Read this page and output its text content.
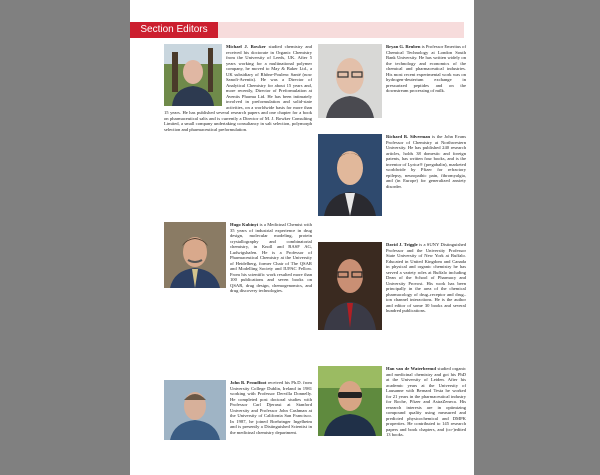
Section Editors
Michael J. Bowker studied chemistry and received his doctorate in Organic Chemistry from the University of Leeds, UK. After 5 years working for a multinational polymer company, he moved to May & Baker Ltd., a UK subsidiary of Rhône-Poulenc Santé (now Sanofi-Aventis). He was a Director of Analytical Chemistry for about 15 years and, more recently, Director of Preformulation at Aventis Pharma Ltd. He has been intimately involved in preformulation and solid-state activities, on a worldwide basis for more than 15 years. He has published several research papers and one chapter for a book on pharmaceutical salts and is currently a Director of M. J. Bowker Consulting Limited, a small company undertaking consultancy in salt selection, polymorph selection and pharmaceutical preformulation.
Hugo Kubinyi is a Medicinal Chemist with 35 years of industrial experience in drug design, molecular modeling, protein crystallography and combinatorial chemistry, in Knoll and BASF AG, Ludwigshafen. He is a Professor of Pharmaceutical Chemistry at the University of Heidelberg, former Chair of The QSAR and Modelling Society and IUPAC Fellow. From his scientific work resulted more than 100 publications and seven books on QSAR, drug design, chemogenomics, and drug discovery technologies.
John B. Proudfoot received his Ph.D. from University College Dublin, Ireland in 1981 working with Professor Dervilla Donnelly. He completed post doctoral studies with Professor Carl Djerassi at Stanford University and Professor John Cashman at the University of California San Francisco. In 1987, he joined Boehringer Ingelheim and is presently a Distinguished Scientist in the medicinal chemistry department.
Bryan G. Reuben is Professor Emeritus of Chemical Technology at London South Bank University. He has written widely on the technology and economics of the chemical and pharmaceutical industries. His most recent experimental work was on hydrogen-deuterium exchange in pressurized peptides and on the downstream processing of milk.
Richard B. Silverman is the John Evans Professor of Chemistry at Northwestern University. He has published 240 research articles, holds 38 domestic and foreign patents, has written four books, and is the inventor of Lyrica® (pregabalin), marketed worldwide by Pfizer for refractory epilepsy, neuropathic pain, fibromyalgia, and (in Europe) for generalized anxiety disorder.
David J. Triggle is a SUNY Distinguished Professor and the University Professor State University of New York at Buffalo. Educated in United Kingdom and Canada in physical and organic chemistry he has served a variety roles at Buffalo including Dean of the School of Pharmacy and University Provost. His work has been principally in the area of the chemical pharmacology of drug–receptor and drug–ion channel interactions. He is the author and editor of some 30 books and several hundred publications.
Han van de Waterbeemd studied organic and medicinal chemistry and got his PhD at the University of Leiden. After his academic years at the University of Lausanne with Bernard Testa he worked for 21 years in the pharmaceutical industry for Roche, Pfizer and AstraZeneca. His research interests are in optimizing compound quality using measured and predicted physicochemical and DMPK properties. He contributed to 145 research papers and book chapters, and (co-)edited 13 books.
